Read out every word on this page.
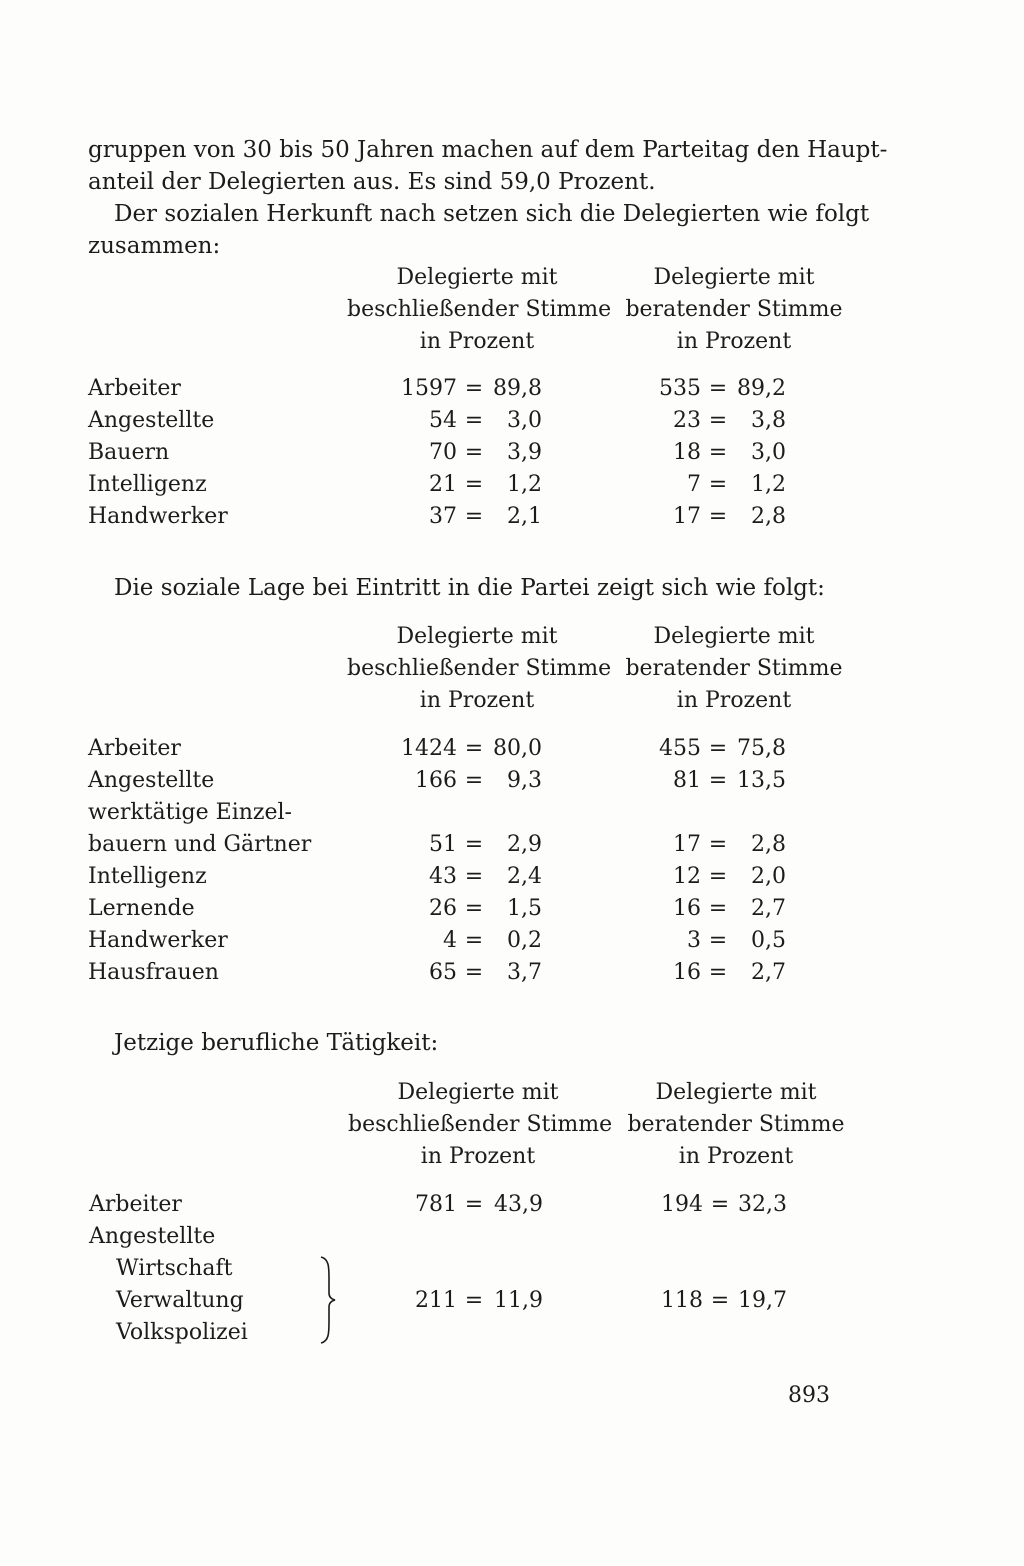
gruppen von 30 bis 50 Jahren machen auf dem Parteitag den Haupt-
anteil der Delegierten aus. Es sind 59,0 Prozent.

Der sozialen Herkunft nach setzen sich die Delegierten wie folgt
zusammen:

Delegierte mit
beschließender Stimme
in Prozent
Delegierte mit
beratender Stimme
in Prozent
Arbeiter	1597 = 89,8	535 = 89,2
Angestellte	54 =	3,0	23 =	3,8
Bauern	70 =	3,9	18 =	3,0
Intelligenz	21 =	1,2	7 =	1,2
Handwerker	37 =	2,1	17 =	2,8

Die soziale Lage bei Eintritt in die Partei zeigt sich wie folgt:

Delegierte mit
beschließender Stimme
in Prozent
Delegierte mit
beratender Stimme
in Prozent
Arbeiter	1424 = 80,0	455 = 75,8
Angestellte	166 =	9,3	81 = 13,5
werktätige Einzel-
bauern und Gärtner	51 =	2,9	17 =	2,8
Intelligenz	43 =	2,4	12 =	2,0
Lernende	26 =	1,5	16 =	2,7
Handwerker	4 =	0,2	3 =	0,5
Hausfrauen	65 =	3,7	16 =	2,7

Jetzige berufliche Tätigkeit:

Delegierte mit
beschließender Stimme
in Prozent
Delegierte mit
beratender Stimme
in Prozent
Arbeiter	781 = 43,9	194 = 32,3
Angestellte
Wirtschaft
Verwaltung	211 = 11,9	118 = 19,7
Volkspolizei
893
